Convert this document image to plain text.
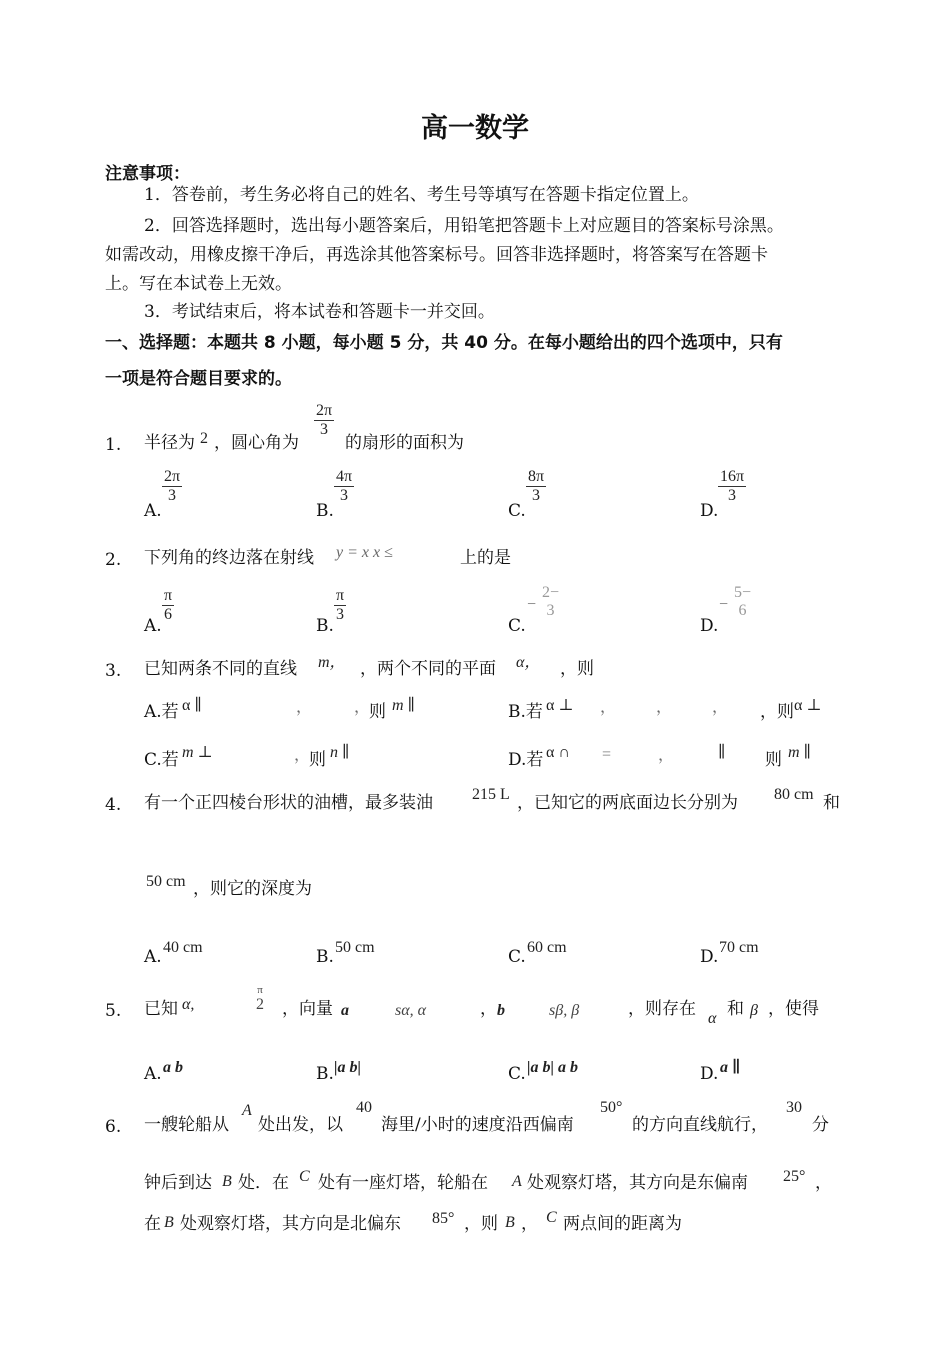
高一数学
注意事项：
1．答卷前，考生务必将自己的姓名、考生号等填写在答题卡指定位置上。
2．回答选择题时，选出每小题答案后，用铅笔把答题卡上对应题目的答案标号涂黑。
如需改动，用橡皮擦干净后，再选涂其他答案标号。回答非选择题时，将答案写在答题卡
上。写在本试卷上无效。
3．考试结束后，将本试卷和答题卡一并交回。
一、选择题：本题共 8 小题，每小题 5 分，共 40 分。在每小题给出的四个选项中，只有
一项是符合题目要求的。
1. 半径为 2 ，圆心角为
2π
3
的扇形的面积为
A.
2π
3
B.
4π
3
C.
8π
3
D.
16π
3
2. 下列角的终边落在射线 y = x x ≤	上的是
A.
π
6
B.
π
3
C.
−
2−
3
D.
−
5−
6
3. 已知两条不同的直线 m， ，两个不同的平面 α， ，则
A.若 α ∥	，	，
则 m ∥	B.若 α ⊥ ， ， ， ，则 α ⊥
C.若 m ⊥	，
则 n ∥	D.若 α ∩ =	，	∥ 则 m ∥
4. 有一个正四棱台形状的油槽，最多装油 215 L ，已知它的两底面边长分别为 80 cm 和
50 cm ，则它的深度为
A. 40 cm	B. 50 cm	C. 60 cm	D. 70 cm
5. 已知 α,
π
2 ，向量 a	sα, α	， b	sβ, β	，则存在 α 和 β ，使得
A. a b	B. |a b|	C. |a b| a b	D. a ∥
6. 一艘轮船从
A
处出发，以
40
海里/小时的速度沿西偏南
50°
的方向直线航行，
30
分
钟后到达 B 处．在 C 处有一座灯塔，轮船在 A 处观察灯塔，其方向是东偏南 25° ，
在 B 处观察灯塔，其方向是北偏东 85° ，则 B ， C 两点间的距离为
